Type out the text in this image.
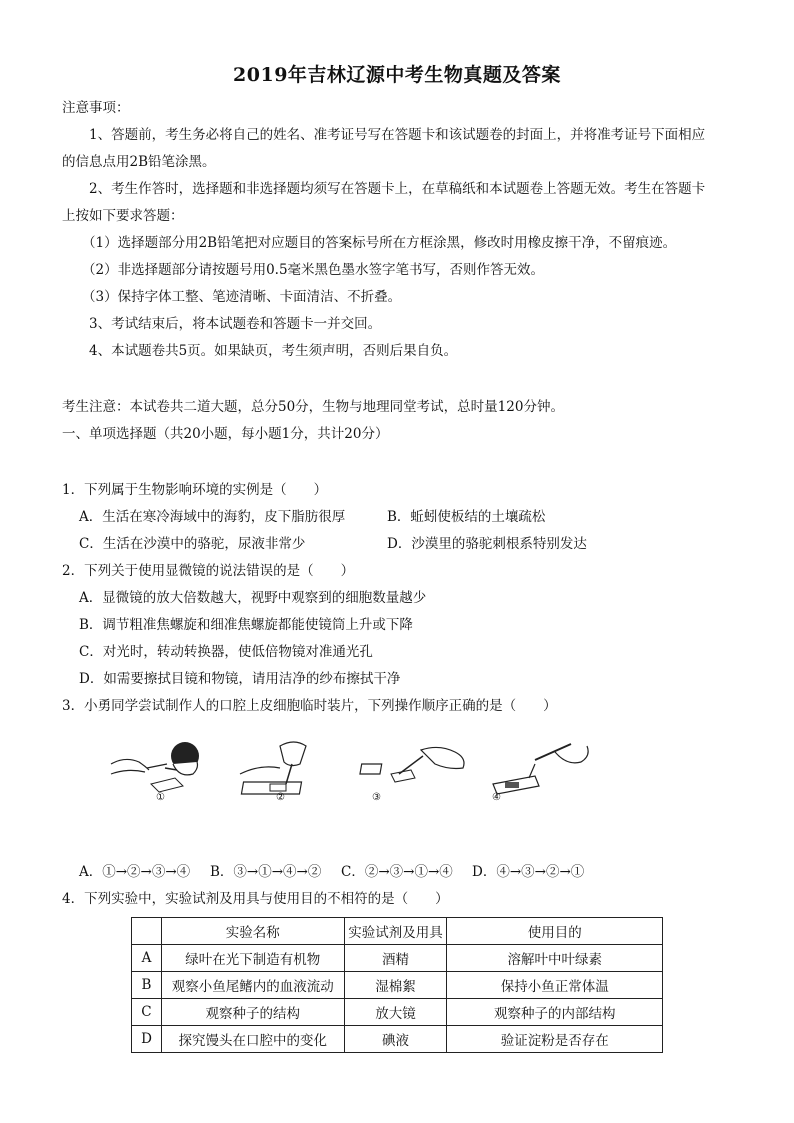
2019年吉林辽源中考生物真题及答案
注意事项：
1、答题前，考生务必将自己的姓名、准考证号写在答题卡和该试题卷的封面上，并将准考证号下面相应
的信息点用2B铅笔涂黑。
2、考生作答时，选择题和非选择题均须写在答题卡上，在草稿纸和本试题卷上答题无效。考生在答题卡
上按如下要求答题：
（1）选择题部分用2B铅笔把对应题目的答案标号所在方框涂黑，修改时用橡皮擦干净，不留痕迹。
（2）非选择题部分请按题号用0.5毫米黑色墨水签字笔书写，否则作答无效。
（3）保持字体工整、笔迹清晰、卡面清洁、不折叠。
3、考试结束后，将本试题卷和答题卡一并交回。
4、本试题卷共5页。如果缺页，考生须声明，否则后果自负。
考生注意：本试卷共二道大题，总分50分，生物与地理同堂考试，总时量120分钟。
一、单项选择题（共20小题，每小题1分，共计20分）
1．下列属于生物影响环境的实例是（　　）
A．生活在寒冷海域中的海豹，皮下脂肪很厚	B．蚯蚓使板结的土壤疏松
C．生活在沙漠中的骆驼，尿液非常少	D．沙漠里的骆驼刺根系特别发达
2．下列关于使用显微镜的说法错误的是（　　）
A．显微镜的放大倍数越大，视野中观察到的细胞数量越少
B．调节粗准焦螺旋和细准焦螺旋都能使镜筒上升或下降
C．对光时，转动转换器，使低倍物镜对准通光孔
D．如需要擦拭目镜和物镜，请用洁净的纱布擦拭干净
3．小勇同学尝试制作人的口腔上皮细胞临时装片，下列操作顺序正确的是（　　）
①	②	③	④
A．①→②→③→④ B．③→①→④→② C．②→③→①→④ D．④→③→②→①
4．下列实验中，实验试剂及用具与使用目的不相符的是（　　）
	实验名称	实验试剂及用具	使用目的
A	绿叶在光下制造有机物	酒精	溶解叶中叶绿素
B	观察小鱼尾鳍内的血液流动	湿棉絮	保持小鱼正常体温
C	观察种子的结构	放大镜	观察种子的内部结构
D	探究馒头在口腔中的变化	碘液	验证淀粉是否存在
